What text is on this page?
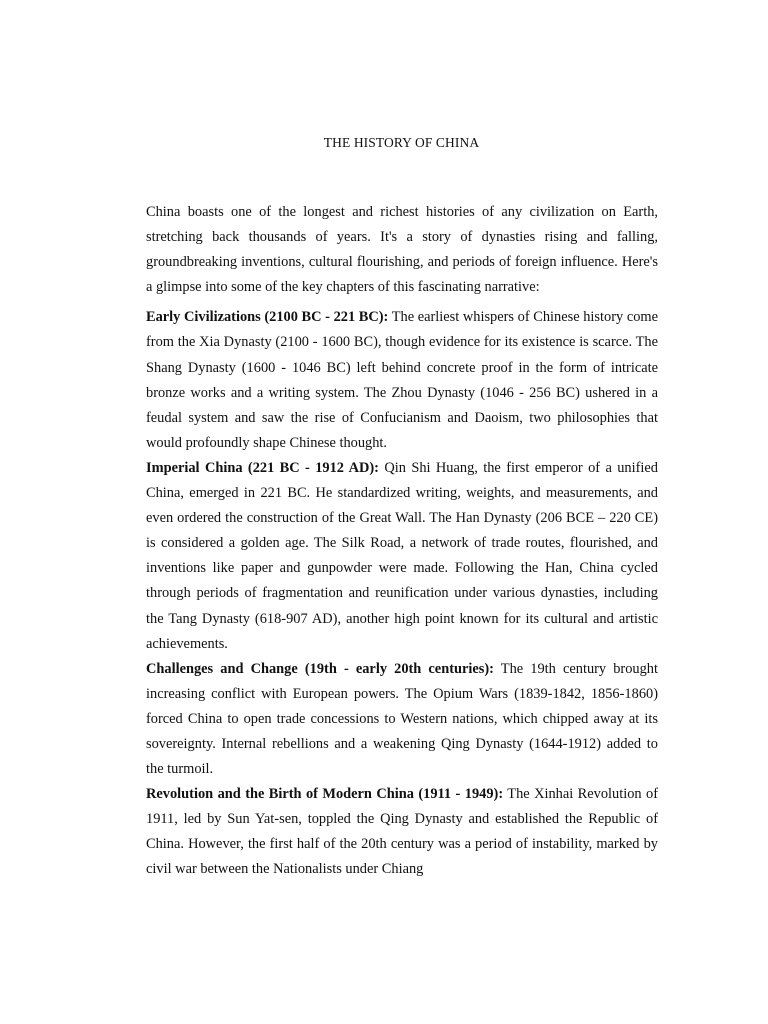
THE HISTORY OF CHINA

China boasts one of the longest and richest histories of any civilization on Earth, stretching back thousands of years. It's a story of dynasties rising and falling, groundbreaking inventions, cultural flourishing, and periods of foreign influence. Here's a glimpse into some of the key chapters of this fascinating narrative:

Early Civilizations (2100 BC - 221 BC): The earliest whispers of Chinese history come from the Xia Dynasty (2100 - 1600 BC), though evidence for its existence is scarce. The Shang Dynasty (1600 - 1046 BC) left behind concrete proof in the form of intricate bronze works and a writing system. The Zhou Dynasty (1046 - 256 BC) ushered in a feudal system and saw the rise of Confucianism and Daoism, two philosophies that would profoundly shape Chinese thought.

Imperial China (221 BC - 1912 AD): Qin Shi Huang, the first emperor of a unified China, emerged in 221 BC. He standardized writing, weights, and measurements, and even ordered the construction of the Great Wall. The Han Dynasty (206 BCE – 220 CE) is considered a golden age. The Silk Road, a network of trade routes, flourished, and inventions like paper and gunpowder were made. Following the Han, China cycled through periods of fragmentation and reunification under various dynasties, including the Tang Dynasty (618-907 AD), another high point known for its cultural and artistic achievements.

Challenges and Change (19th - early 20th centuries): The 19th century brought increasing conflict with European powers. The Opium Wars (1839-1842, 1856-1860) forced China to open trade concessions to Western nations, which chipped away at its sovereignty. Internal rebellions and a weakening Qing Dynasty (1644-1912) added to the turmoil.

Revolution and the Birth of Modern China (1911 - 1949): The Xinhai Revolution of 1911, led by Sun Yat-sen, toppled the Qing Dynasty and established the Republic of China. However, the first half of the 20th century was a period of instability, marked by civil war between the Nationalists under Chiang
